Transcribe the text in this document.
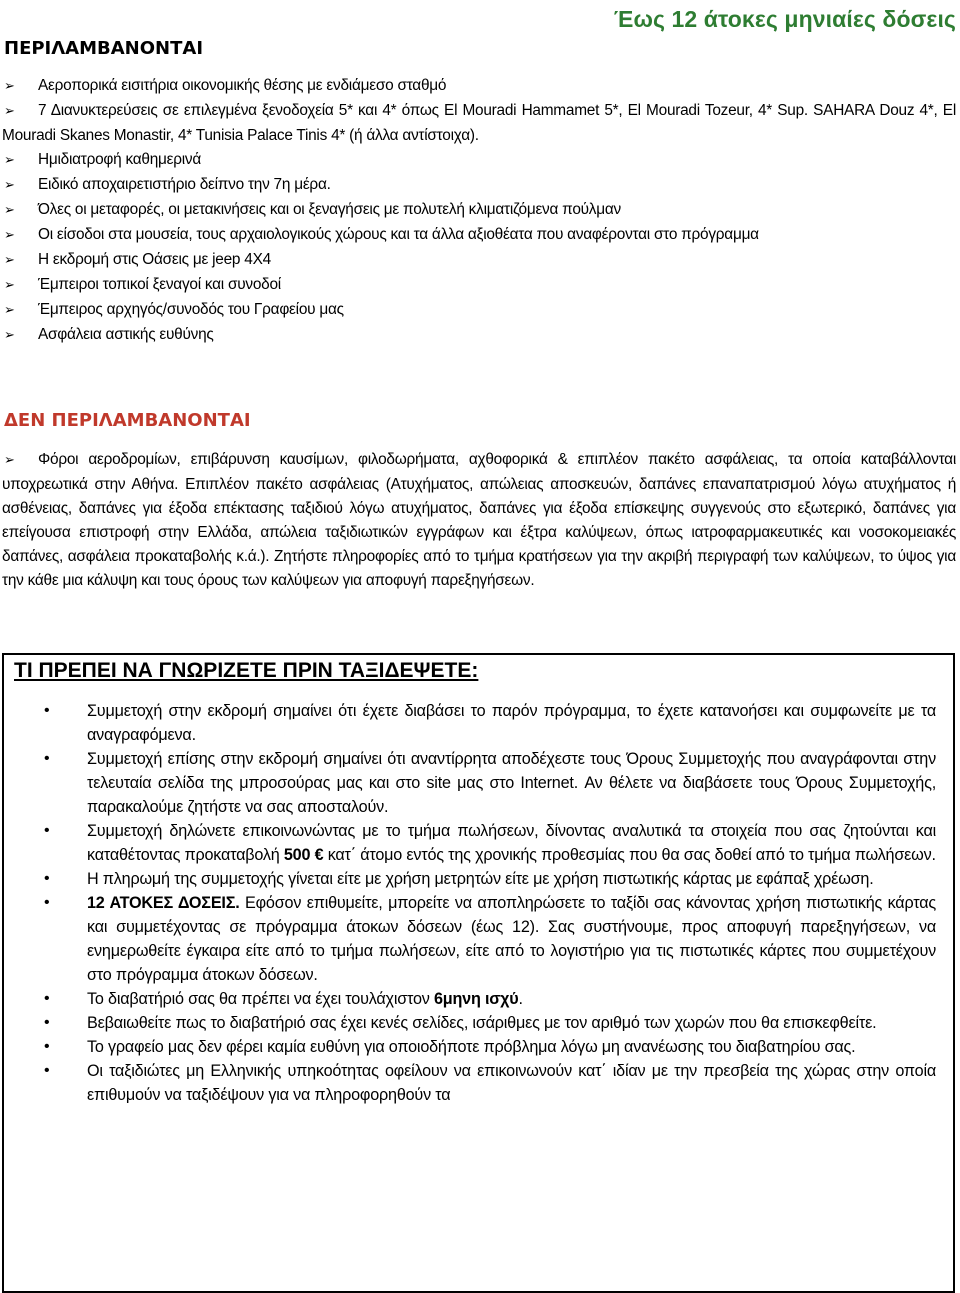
Έως 12 άτοκες μηνιαίες δόσεις
ΠΕΡΙΛΑΜΒΑΝΟΝΤΑΙ
➢ Αεροπορικά εισιτήρια οικονομικής θέσης με ενδιάμεσο σταθμό
➢ 7 Διανυκτερεύσεις σε επιλεγμένα ξενοδοχεία 5* και 4* όπως El Mouradi Hammamet 5*, El Mouradi Tozeur, 4* Sup. SAHARA Douz 4*, El Mouradi Skanes Monastir, 4* Tunisia Palace Tinis 4* (ή άλλα αντίστοιχα).
➢ Ημιδιατροφή καθημερινά
➢ Ειδικό αποχαιρετιστήριο δείπνο την 7η μέρα.
➢ Όλες οι μεταφορές, οι μετακινήσεις και οι ξεναγήσεις με πολυτελή κλιματιζόμενα πούλμαν
➢ Οι είσοδοι στα μουσεία, τους αρχαιολογικούς χώρους και τα άλλα αξιοθέατα που αναφέρονται στο πρόγραμμα
➢ Η εκδρομή στις Οάσεις με jeep 4X4
➢ Έμπειροι τοπικοί ξεναγοί και συνοδοί
➢ Έμπειρος αρχηγός/συνοδός του Γραφείου μας
➢ Ασφάλεια αστικής ευθύνης
ΔΕΝ ΠΕΡΙΛΑΜΒΑΝΟΝΤΑΙ
➢ Φόροι αεροδρομίων, επιβάρυνση καυσίμων, φιλοδωρήματα, αχθοφορικά & επιπλέον πακέτο ασφάλειας, τα οποία καταβάλλονται υποχρεωτικά στην Αθήνα. Επιπλέον πακέτο ασφάλειας (Ατυχήματος, απώλειας αποσκευών, δαπάνες επαναπατρισμού λόγω ατυχήματος ή ασθένειας, δαπάνες για έξοδα επέκτασης ταξιδιού λόγω ατυχήματος, δαπάνες για έξοδα επίσκεψης συγγενούς στο εξωτερικό, δαπάνες για επείγουσα επιστροφή στην Ελλάδα, απώλεια ταξιδιωτικών εγγράφων και έξτρα καλύψεων, όπως ιατροφαρμακευτικές και νοσοκομειακές δαπάνες, ασφάλεια προκαταβολής κ.ά.). Ζητήστε πληροφορίες από το τμήμα κρατήσεων για την ακριβή περιγραφή των καλύψεων, το ύψος για την κάθε μια κάλυψη και τους όρους των καλύψεων για αποφυγή παρεξηγήσεων.
ΤΙ ΠΡΕΠΕΙ ΝΑ ΓΝΩΡΙΖΕΤΕ ΠΡΙΝ ΤΑΞΙΔΕΨΕΤΕ:
• Συμμετοχή στην εκδρομή σημαίνει ότι έχετε διαβάσει το παρόν πρόγραμμα, το έχετε κατανοήσει και συμφωνείτε με τα αναγραφόμενα.
• Συμμετοχή επίσης στην εκδρομή σημαίνει ότι αναντίρρητα αποδέχεστε τους Όρους Συμμετοχής που αναγράφονται στην τελευταία σελίδα της μπροσούρας μας και στο site μας στο Internet. Αν θέλετε να διαβάσετε τους Όρους Συμμετοχής, παρακαλούμε ζητήστε να σας αποσταλούν.
• Συμμετοχή δηλώνετε επικοινωνώντας με το τμήμα πωλήσεων, δίνοντας αναλυτικά τα στοιχεία που σας ζητούνται και καταθέτοντας προκαταβολή 500 € κατ΄ άτομο εντός της χρονικής προθεσμίας που θα σας δοθεί από το τμήμα πωλήσεων.
• Η πληρωμή της συμμετοχής γίνεται είτε με χρήση μετρητών είτε με χρήση πιστωτικής κάρτας με εφάπαξ χρέωση.
• 12 ΑΤΟΚΕΣ ΔΟΣΕΙΣ. Εφόσον επιθυμείτε, μπορείτε να αποπληρώσετε το ταξίδι σας κάνοντας χρήση πιστωτικής κάρτας και συμμετέχοντας σε πρόγραμμα άτοκων δόσεων (έως 12). Σας συστήνουμε, προς αποφυγή παρεξηγήσεων, να ενημερωθείτε έγκαιρα είτε από το τμήμα πωλήσεων, είτε από το λογιστήριο για τις πιστωτικές κάρτες που συμμετέχουν στο πρόγραμμα άτοκων δόσεων.
• Το διαβατήριό σας θα πρέπει να έχει τουλάχιστον 6μηνη ισχύ.
• Βεβαιωθείτε πως το διαβατήριό σας έχει κενές σελίδες, ισάριθμες με τον αριθμό των χωρών που θα επισκεφθείτε.
• Το γραφείο μας δεν φέρει καμία ευθύνη για οποιοδήποτε πρόβλημα λόγω μη ανανέωσης του διαβατηρίου σας.
• Οι ταξιδιώτες μη Ελληνικής υπηκοότητας οφείλουν να επικοινωνούν κατ΄ ιδίαν με την πρεσβεία της χώρας στην οποία επιθυμούν να ταξιδέψουν για να πληροφορηθούν τα
